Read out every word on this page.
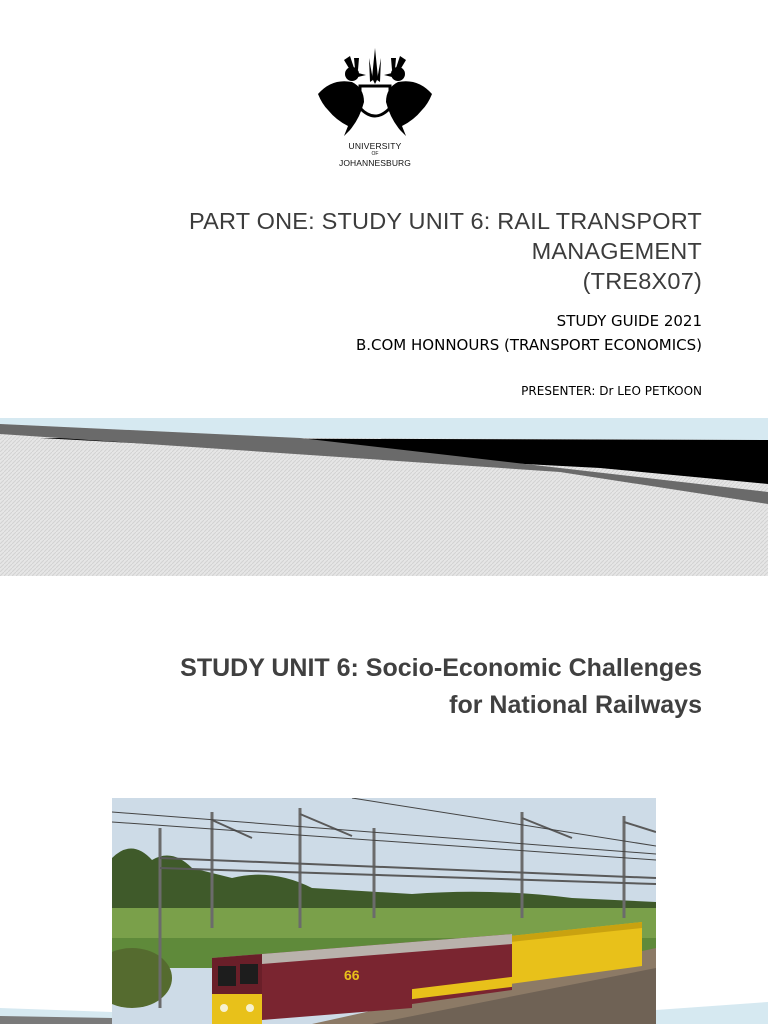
UNIVERSITY
OF
JOHANNESBURG
PART ONE: STUDY UNIT 6: RAIL TRANSPORT
MANAGEMENT
(TRE8X07)
STUDY GUIDE 2021
B.COM HONNOURS (TRANSPORT ECONOMICS)
PRESENTER: Dr LEO PETKOON
STUDY UNIT 6: Socio-Economic Challenges
for National Railways
66
